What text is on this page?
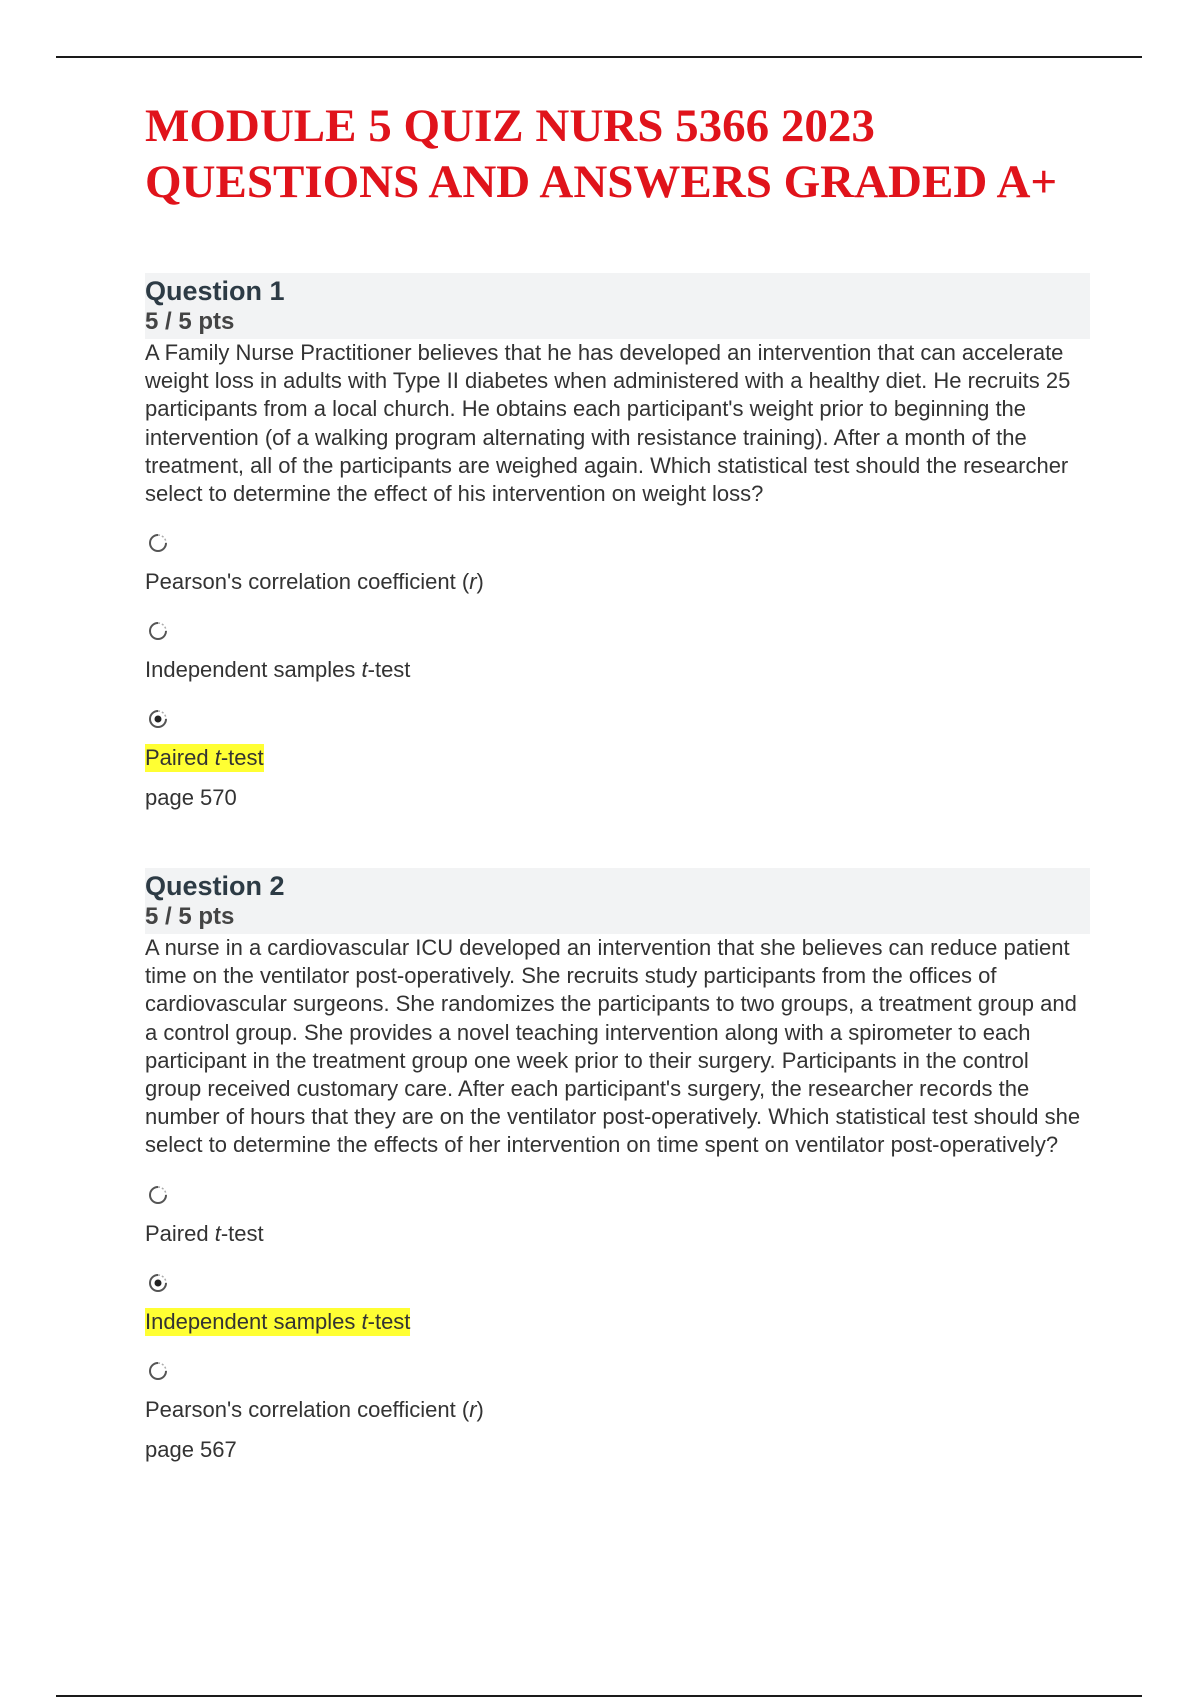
MODULE 5 QUIZ NURS 5366 2023
QUESTIONS AND ANSWERS GRADED A+
Question 1
5 / 5 pts

A Family Nurse Practitioner believes that he has developed an intervention that can accelerate weight loss in adults with Type II diabetes when administered with a healthy diet. He recruits 25 participants from a local church. He obtains each participant's weight prior to beginning the intervention (of a walking program alternating with resistance training). After a month of the treatment, all of the participants are weighed again. Which statistical test should the researcher select to determine the effect of his intervention on weight loss?

Pearson's correlation coefficient (r)
Independent samples t-test
Paired t-test
page 570
Question 2
5 / 5 pts

A nurse in a cardiovascular ICU developed an intervention that she believes can reduce patient time on the ventilator post-operatively. She recruits study participants from the offices of cardiovascular surgeons. She randomizes the participants to two groups, a treatment group and a control group. She provides a novel teaching intervention along with a spirometer to each participant in the treatment group one week prior to their surgery. Participants in the control group received customary care. After each participant's surgery, the researcher records the number of hours that they are on the ventilator post-operatively. Which statistical test should she select to determine the effects of her intervention on time spent on ventilator post-operatively?

Paired t-test
Independent samples t-test
Pearson's correlation coefficient (r)
page 567
